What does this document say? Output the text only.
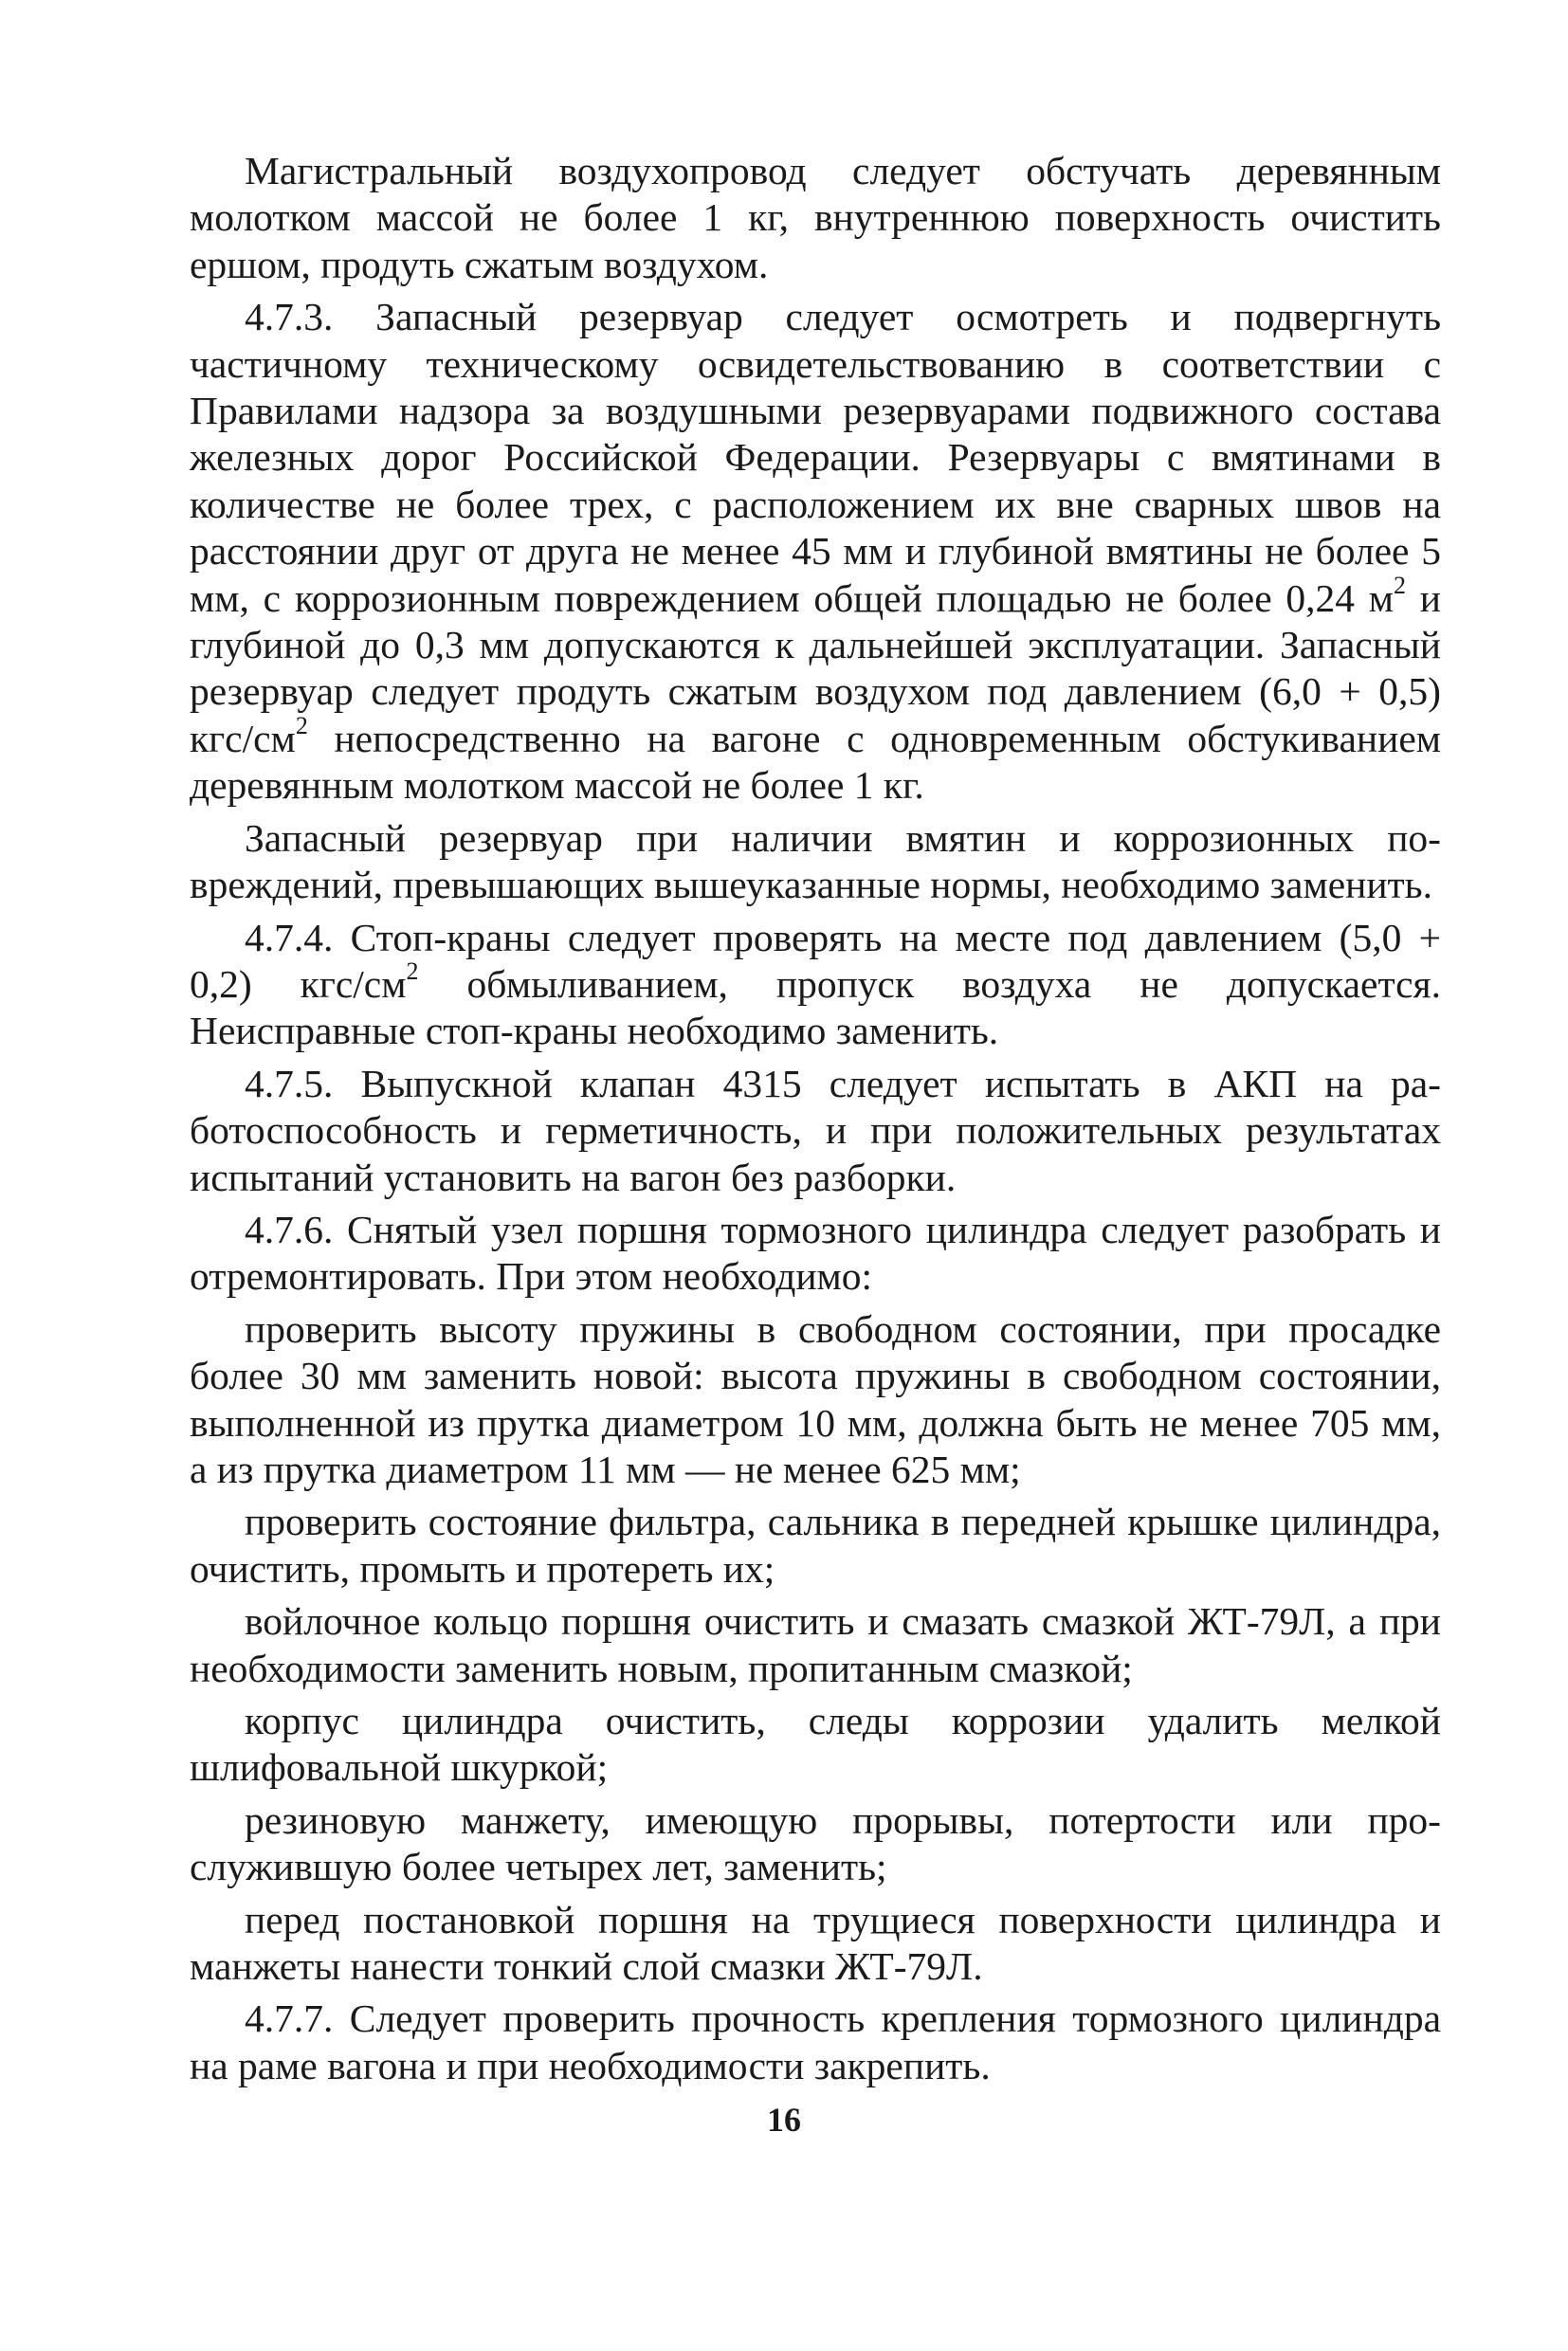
Магистральный воздухопровод следует обстучать деревянным молотком массой не более 1 кг, внутреннюю поверхность очистить ершом, продуть сжатым воздухом.

4.7.3. Запасный резервуар следует осмотреть и подвергнуть частичному техническому освидетельствованию в соответствии с Правилами надзора за воздушными резервуарами подвижного состава железных дорог Российской Федерации. Резервуары с вмятинами в количестве не более трех, с расположением их вне сварных швов на расстоянии друг от друга не менее 45 мм и глубиной вмятины не более 5 мм, с коррозионным повреждением общей площадью не более 0,24 $м^2$ и глубиной до 0,3 мм допускаются к дальнейшей эксплуатации. Запасный резервуар следует продуть сжатым воздухом под давлением (6,0 + 0,5) кгс/$см^2$ непосредственно на вагоне с одновременным обстукиванием деревянным молотком массой не более 1 кг.

Запасный резервуар при наличии вмятин и коррозионных повреждений, превышающих вышеуказанные нормы, необходимо заменить.

4.7.4. Стоп-краны следует проверять на месте под давлением (5,0 + 0,2) кгс/$см^2$ обмыливанием, пропуск воздуха не допускается. Неисправные стоп-краны необходимо заменить.

4.7.5. Выпускной клапан 4315 следует испытать в АКП на работоспособность и герметичность, и при положительных результатах испытаний установить на вагон без разборки.

4.7.6. Снятый узел поршня тормозного цилиндра следует разобрать и отремонтировать. При этом необходимо:

проверить высоту пружины в свободном состоянии, при просадке более 30 мм заменить новой: высота пружины в свободном состоянии, выполненной из прутка диаметром 10 мм, должна быть не менее 705 мм, а из прутка диаметром 11 мм — не менее 625 мм;

проверить состояние фильтра, сальника в передней крышке цилиндра, очистить, промыть и протереть их;

войлочное кольцо поршня очистить и смазать смазкой ЖТ-79Л, а при необходимости заменить новым, пропитанным смазкой;

корпус цилиндра очистить, следы коррозии удалить мелкой шлифовальной шкуркой;

резиновую манжету, имеющую прорывы, потертости или прослужившую более четырех лет, заменить;

перед постановкой поршня на трущиеся поверхности цилиндра и манжеты нанести тонкий слой смазки ЖТ-79Л.

4.7.7. Следует проверить прочность крепления тормозного цилиндра на раме вагона и при необходимости закрепить.

16
